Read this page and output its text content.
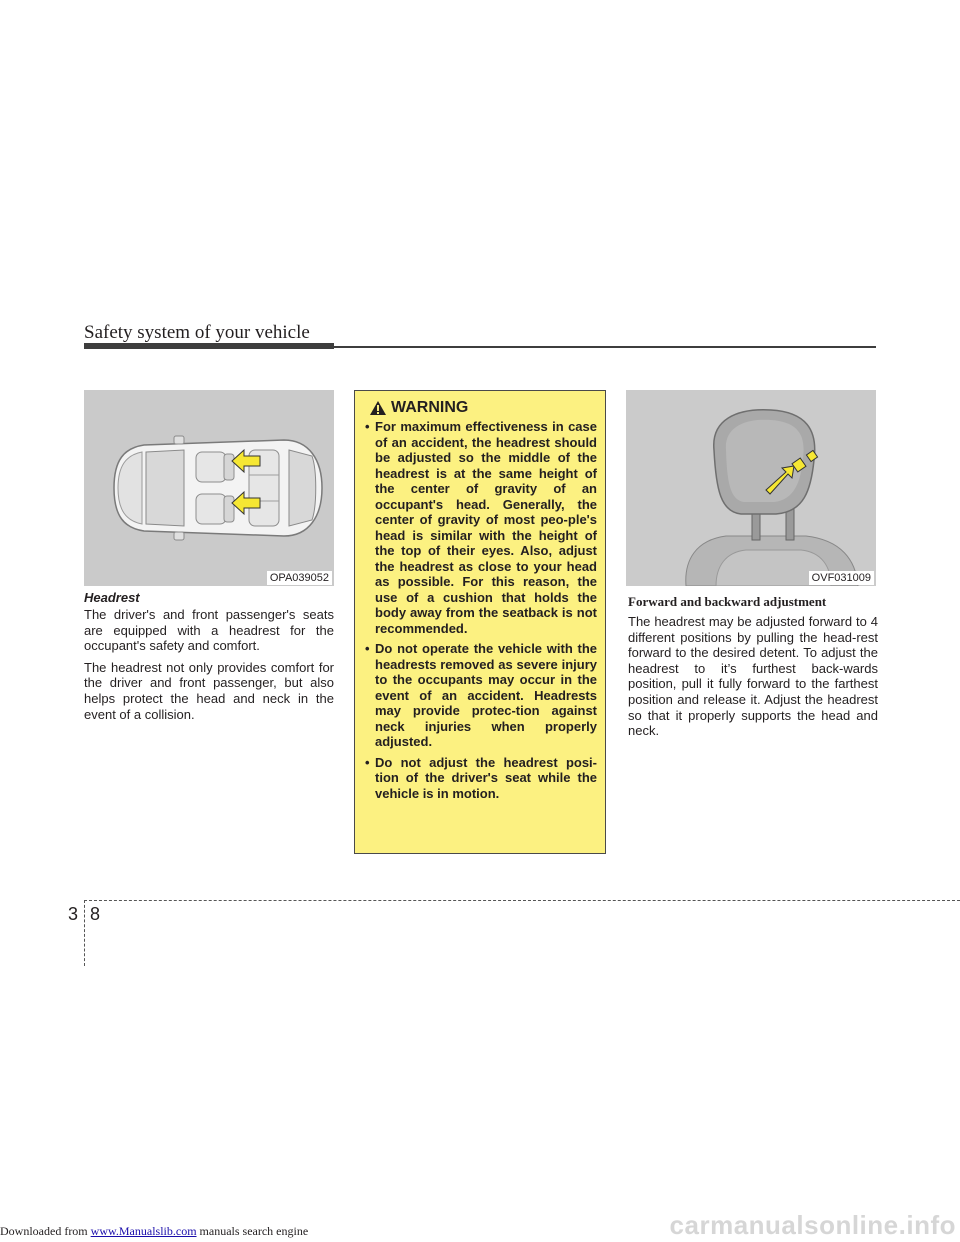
Safety system of your vehicle
OPA039052
Headrest

The driver's and front passenger's seats are equipped with a headrest for the occupant's safety and comfort.

The headrest not only provides comfort for the driver and front passenger, but also helps protect the head and neck in the event of a collision.

WARNING
• For maximum effectiveness in case of an accident, the headrest should be adjusted so the middle of the headrest is at the same height of the center of gravity of an occupant's head. Generally, the center of gravity of most peo-ple's head is similar with the height of the top of their eyes. Also, adjust the headrest as close to your head as possible. For this reason, the use of a cushion that holds the body away from the seatback is not recommended.
• Do not operate the vehicle with the headrests removed as severe injury to the occupants may occur in the event of an accident. Headrests may provide protec-tion against neck injuries when properly adjusted.
• Do not adjust the headrest posi-tion of the driver's seat while the vehicle is in motion.
OVF031009
Forward and backward adjustment

The headrest may be adjusted forward to 4 different positions by pulling the head-rest forward to the desired detent. To adjust the headrest to it’s furthest back-wards position, pull it fully forward to the farthest position and release it. Adjust the headrest so that it properly supports the head and neck.

3 8
Downloaded from www.Manualslib.com manuals search engine	carmanualsonline.info
